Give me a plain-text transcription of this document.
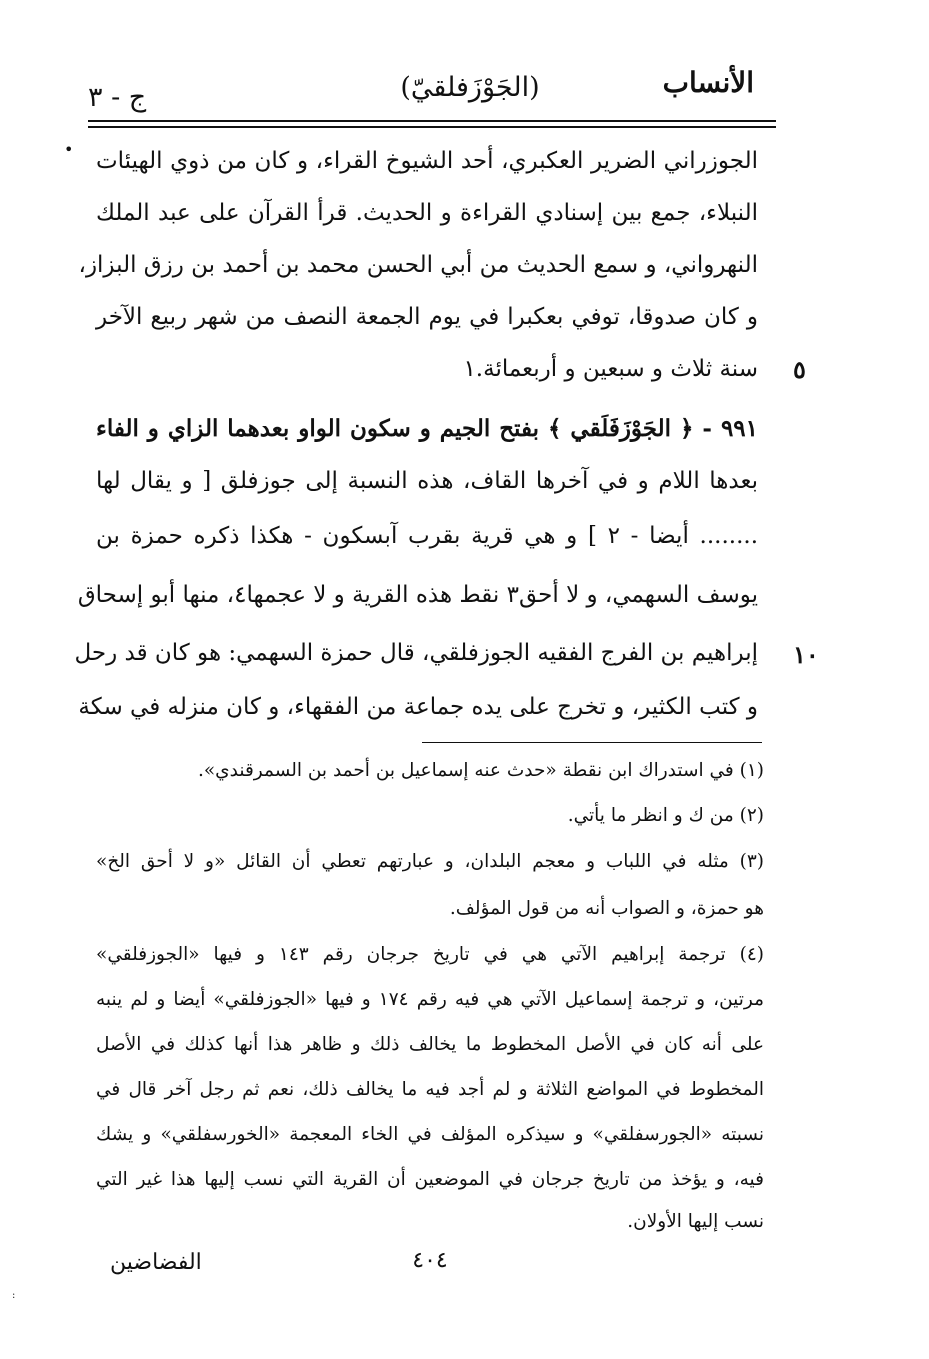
الأنساب
(الجَوْزَفلقيّ)
ج - ٣
• الجوزراني الضرير العكبري، أحد الشيوخ القراء، و كان من ذوي الهيئات
النبلاء، جمع بين إسنادي القراءة و الحديث. قرأ القرآن على عبد الملك
النهرواني، و سمع الحديث من أبي الحسن محمد بن أحمد بن رزق البزاز،
و كان صدوقا، توفي بعكبرا في يوم الجمعة النصف من شهر ربيع الآخر
سنة ثلاث و سبعين و أربعمائة.١ ٥
٩٩١ - ﴿ الجَوْزَفَلَقي ﴾ بفتح الجيم و سكون الواو بعدهما الزاي و الفاء
بعدها اللام و في آخرها القاف، هذه النسبة إلى جوزفلق [ و يقال لها
........ أيضا - ٢ ] و هي قرية بقرب آبسكون - هكذا ذكره حمزة بن
يوسف السهمي، و لا أحق٣ نقط هذه القرية و لا عجمها٤، منها أبو إسحاق
إبراهيم بن الفرج الفقيه الجوزفلقي، قال حمزة السهمي: هو كان قد رحل ١٠
و كتب الكثير، و تخرج على يده جماعة من الفقهاء، و كان منزله في سكة
(١) في استدراك ابن نقطة «حدث عنه إسماعيل بن أحمد بن السمرقندي».
(٢) من ك و انظر ما يأتي.
(٣) مثله في اللباب و معجم البلدان، و عبارتهم تعطي أن القائل «و لا أحق الخ»
هو حمزة، و الصواب أنه من قول المؤلف.
(٤) ترجمة إبراهيم الآتي هي في تاريخ جرجان رقم ١٤٣ و فيها «الجوزفلقي»
مرتين، و ترجمة إسماعيل الآتي هي فيه رقم ١٧٤ و فيها «الجوزفلقي» أيضا و لم ينبه
على أنه كان في الأصل المخطوط ما يخالف ذلك و ظاهر هذا أنها كذلك في الأصل
المخطوط في المواضع الثلاثة و لم أجد فيه ما يخالف ذلك، نعم ثم رجل آخر قال في
نسبته «الجورسفلقي» و سيذكره المؤلف في الخاء المعجمة «الخورسفلقي» و يشك
فيه، و يؤخذ من تاريخ جرجان في الموضعين أن القرية التي نسب إليها هذا غير التي
نسب إليها الأولان.
٤٠٤
الفضاضين
:
